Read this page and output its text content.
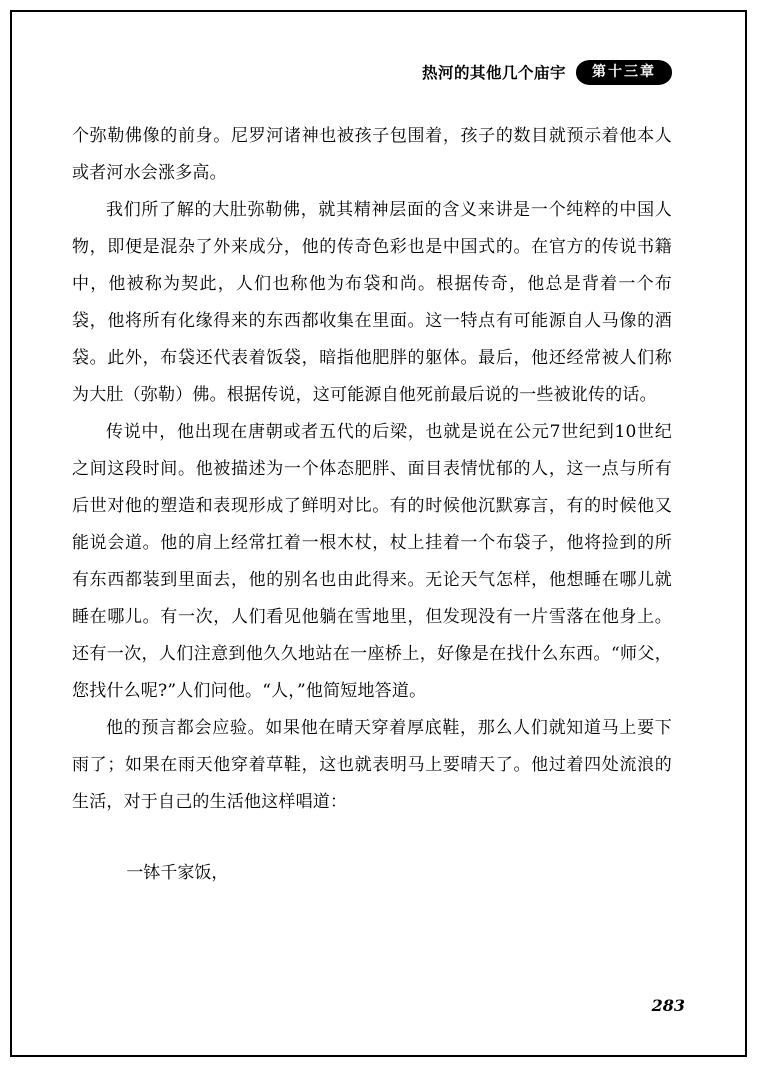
热河的其他几个庙宇	第十三章

个弥勒佛像的前身。尼罗河诸神也被孩子包围着，孩子的数目就预示着他本人或者河水会涨多高。

我们所了解的大肚弥勒佛，就其精神层面的含义来讲是一个纯粹的中国人物，即便是混杂了外来成分，他的传奇色彩也是中国式的。在官方的传说书籍中，他被称为契此，人们也称他为布袋和尚。根据传奇，他总是背着一个布袋，他将所有化缘得来的东西都收集在里面。这一特点有可能源自人马像的酒袋。此外，布袋还代表着饭袋，暗指他肥胖的躯体。最后，他还经常被人们称为大肚（弥勒）佛。根据传说，这可能源自他死前最后说的一些被讹传的话。

传说中，他出现在唐朝或者五代的后梁，也就是说在公元7世纪到10世纪之间这段时间。他被描述为一个体态肥胖、面目表情忧郁的人，这一点与所有后世对他的塑造和表现形成了鲜明对比。有的时候他沉默寡言，有的时候他又能说会道。他的肩上经常扛着一根木杖，杖上挂着一个布袋子，他将捡到的所有东西都装到里面去，他的别名也由此得来。无论天气怎样，他想睡在哪儿就睡在哪儿。有一次，人们看见他躺在雪地里，但发现没有一片雪落在他身上。还有一次，人们注意到他久久地站在一座桥上，好像是在找什么东西。“师父，您找什么呢?”人们问他。“人，”他简短地答道。

他的预言都会应验。如果他在晴天穿着厚底鞋，那么人们就知道马上要下雨了；如果在雨天他穿着草鞋，这也就表明马上要晴天了。他过着四处流浪的生活，对于自己的生活他这样唱道：

一钵千家饭，
283
